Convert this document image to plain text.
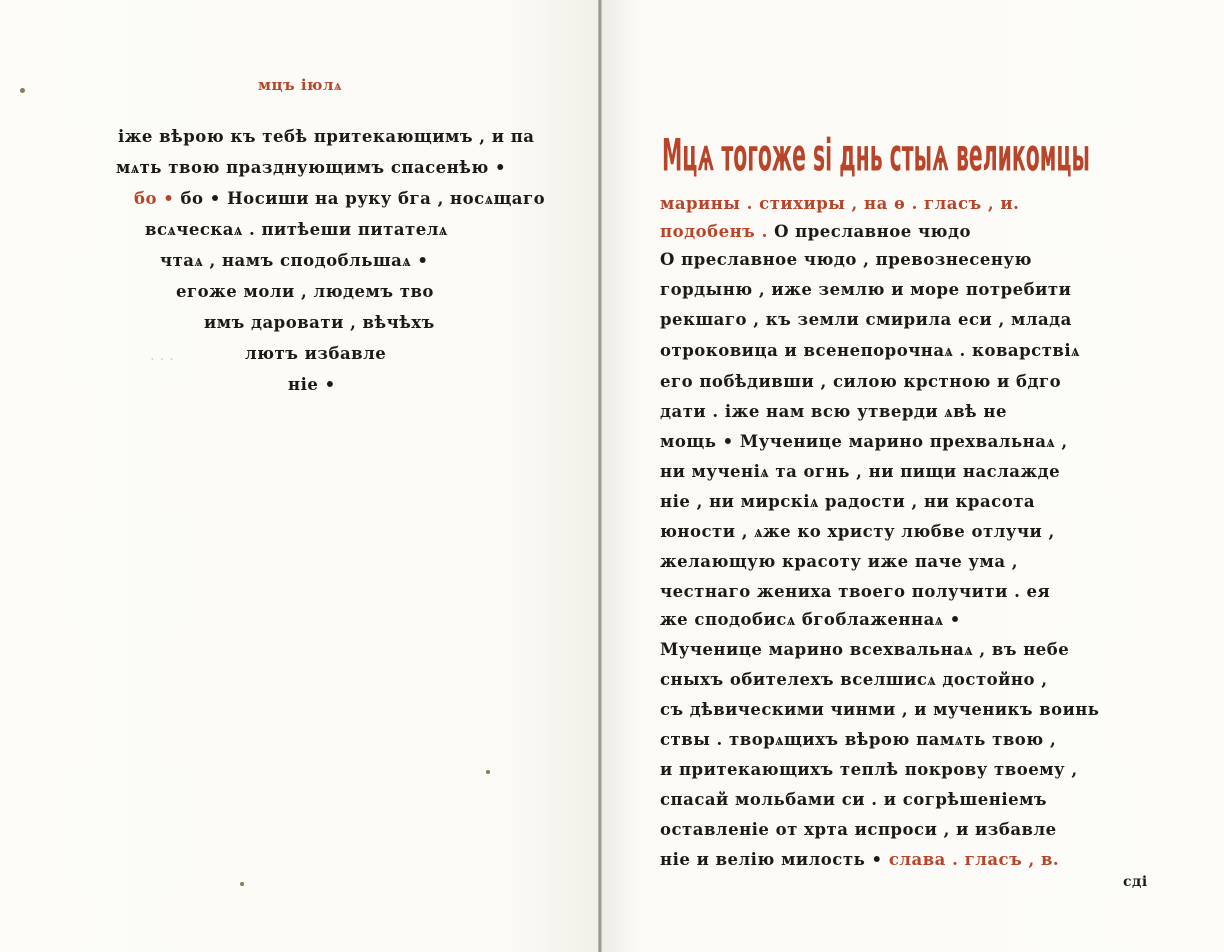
· · ·
мцъ іюлѧ
іже вѣрою къ тебѣ притекающимъ , и па
мѧть твою празднующимъ спасенѣю •
бо • бо • Носиши на руку бга , носѧщаго
всѧческаѧ . питѣеши питателѧ
чтаѧ , намъ сподобльшаѧ •
егоже моли , людемъ тво
имъ даровати , вѣчѣхъ
лютъ избавле
ніе •
Мцѧ тогоже ѕі днь стыѧ великомцы
марины . стихиры , на ѳ . гласъ , и.
подобенъ . О преславное чюдо
О преславное чюдо , превознесеную
гордыню , иже землю и море потребити
рекшаго , къ земли смирила еси , млада
отроковица и всенепорочнаѧ . коварствіѧ
его побѣдивши , силою крстною и бдго
дати . іже нам всю утверди ѧвѣ не
мощь • Мученице марино прехвальнаѧ ,
ни мученіѧ та огнь , ни пищи наслажде
ніе , ни мирскіѧ радости , ни красота
юности , ѧже ко христу любве отлучи ,
желающую красоту иже паче ума ,
честнаго жениха твоего получити . ея
же сподобисѧ бгоблаженнаѧ •
Мученице марино всехвальнаѧ , въ небе
сныхъ обителехъ вселшисѧ достойно ,
съ дѣвическими чинми , и мученикъ воинь
ствы . творѧщихъ вѣрою памѧть твою ,
и притекающихъ теплѣ покрову твоему ,
спасай мольбами си . и согрѣшеніемъ
оставленіе от хрта испроси , и избавле
ніе и велію милость • слава . гласъ , в.
сді
